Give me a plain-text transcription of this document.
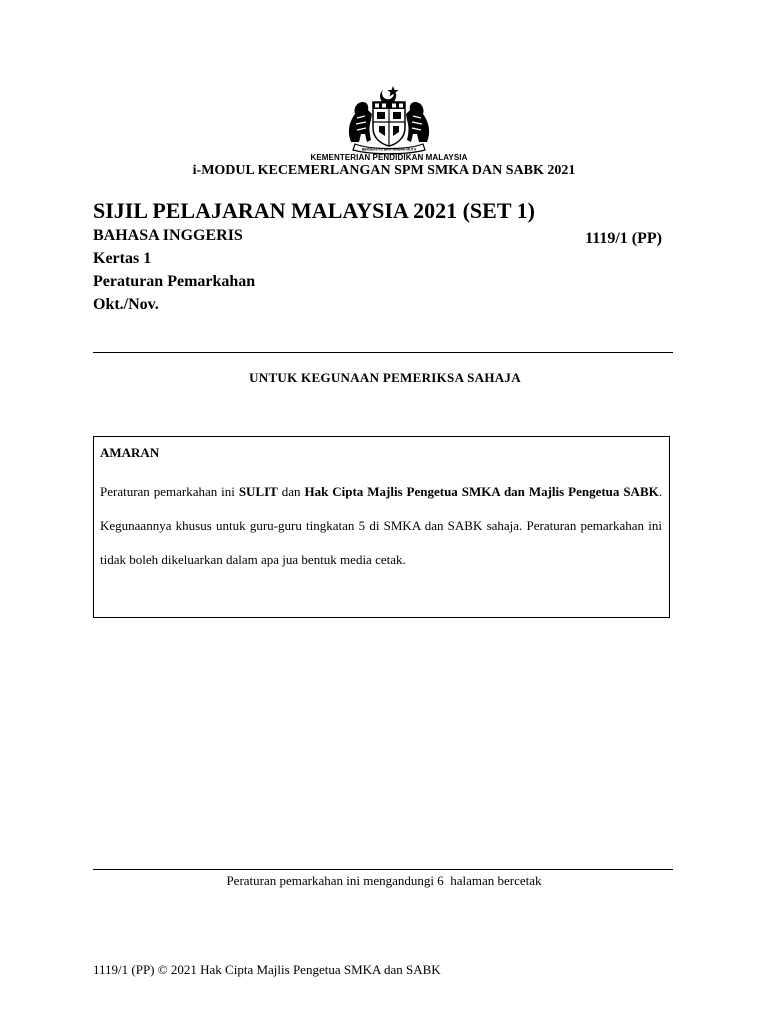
BERSEKUTU BERTAMBAH MUTU
KEMENTERIAN PENDIDIKAN MALAYSIA
i-MODUL KECEMERLANGAN SPM SMKA DAN SABK 2021
SIJIL PELAJARAN MALAYSIA 2021 (SET 1)
BAHASA INGGERIS	1119/1 (PP)
Kertas 1
Peraturan Pemarkahan
Okt./Nov.
UNTUK KEGUNAAN PEMERIKSA SAHAJA
AMARAN
Peraturan pemarkahan ini SULIT dan Hak Cipta Majlis Pengetua SMKA dan Majlis Pengetua SABK. Kegunaannya khusus untuk guru-guru tingkatan 5 di SMKA dan SABK sahaja. Peraturan pemarkahan ini tidak boleh dikeluarkan dalam apa jua bentuk media cetak.
Peraturan pemarkahan ini mengandungi 6  halaman bercetak
1119/1 (PP) © 2021 Hak Cipta Majlis Pengetua SMKA dan SABK
